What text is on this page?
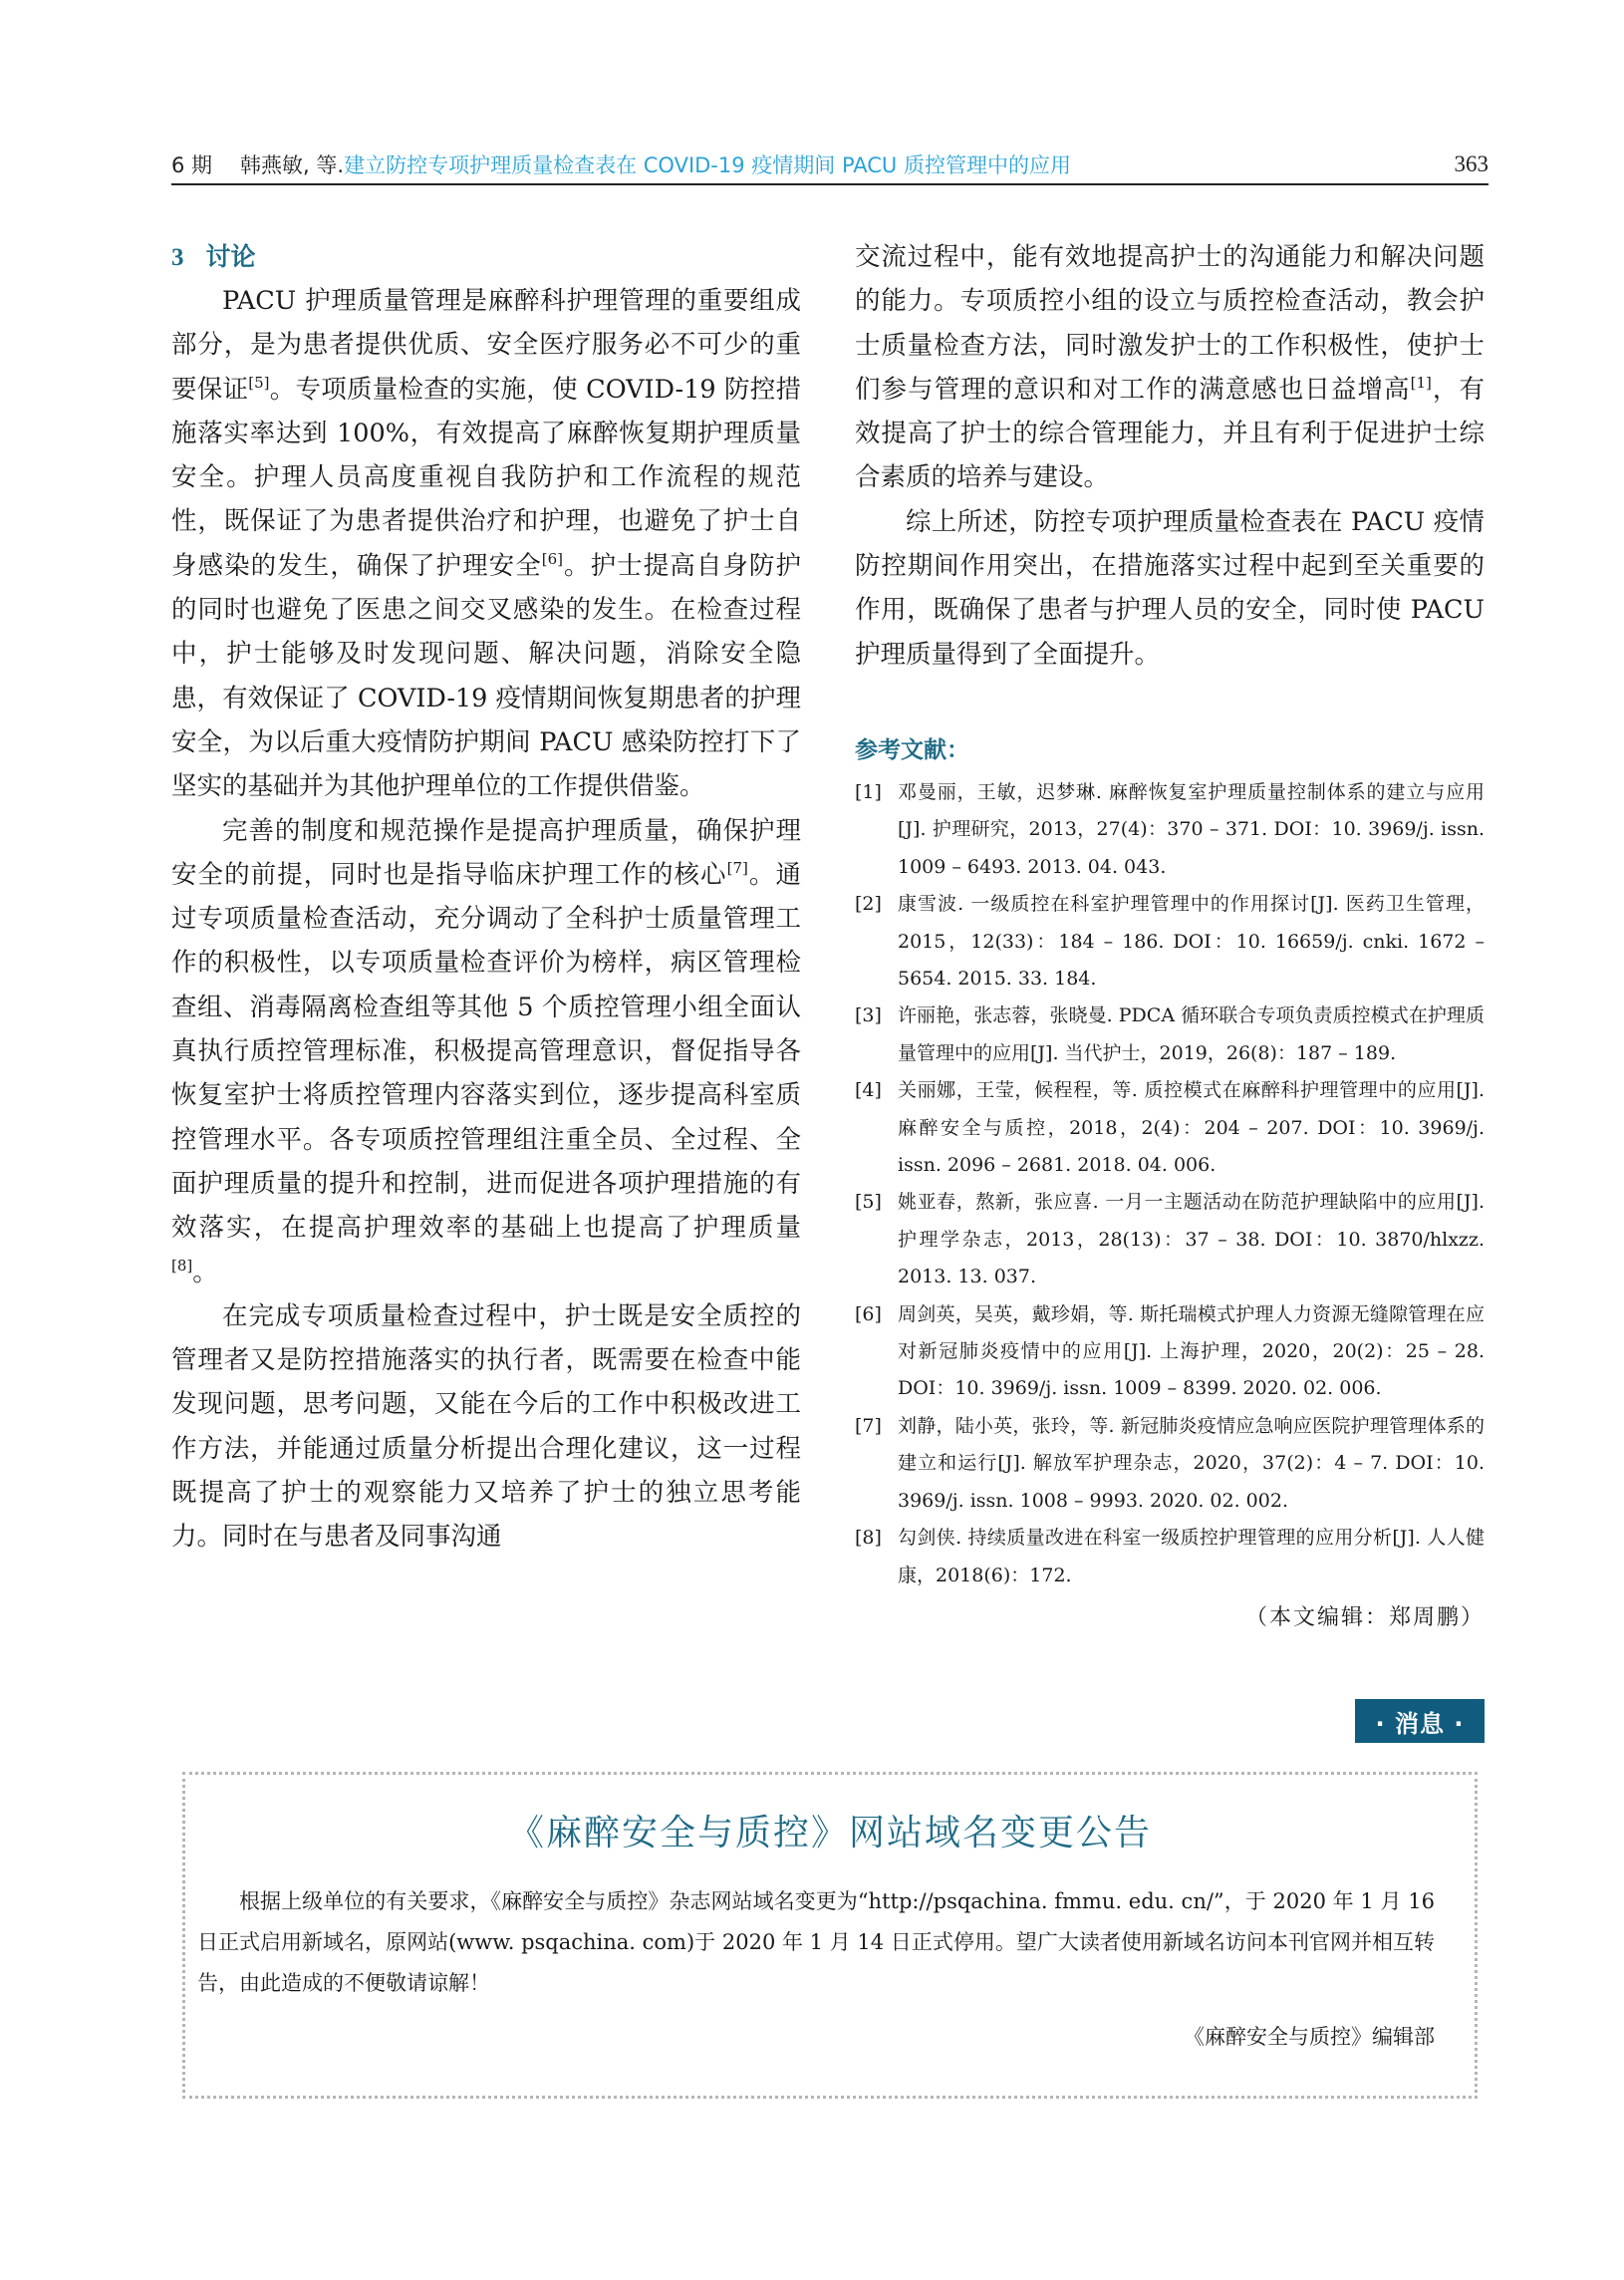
6 期 韩燕敏, 等. 建立防控专项护理质量检查表在 COVID-19 疫情期间 PACU 质控管理中的应用	363
3 讨论

PACU 护理质量管理是麻醉科护理管理的重要组成部分，是为患者提供优质、安全医疗服务必不可少的重要保证[5]。专项质量检查的实施，使 COVID-19 防控措施落实率达到 100%，有效提高了麻醉恢复期护理质量安全。护理人员高度重视自我防护和工作流程的规范性，既保证了为患者提供治疗和护理，也避免了护士自身感染的发生，确保了护理安全[6]。护士提高自身防护的同时也避免了医患之间交叉感染的发生。在检查过程中，护士能够及时发现问题、解决问题，消除安全隐患，有效保证了 COVID-19 疫情期间恢复期患者的护理安全，为以后重大疫情防护期间 PACU 感染防控打下了坚实的基础并为其他护理单位的工作提供借鉴。

完善的制度和规范操作是提高护理质量，确保护理安全的前提，同时也是指导临床护理工作的核心[7]。通过专项质量检查活动，充分调动了全科护士质量管理工作的积极性，以专项质量检查评价为榜样，病区管理检查组、消毒隔离检查组等其他 5 个质控管理小组全面认真执行质控管理标准，积极提高管理意识，督促指导各恢复室护士将质控管理内容落实到位，逐步提高科室质控管理水平。各专项质控管理组注重全员、全过程、全面护理质量的提升和控制，进而促进各项护理措施的有效落实，在提高护理效率的基础上也提高了护理质量[8]。

在完成专项质量检查过程中，护士既是安全质控的管理者又是防控措施落实的执行者，既需要在检查中能发现问题，思考问题，又能在今后的工作中积极改进工作方法，并能通过质量分析提出合理化建议，这一过程既提高了护士的观察能力又培养了护士的独立思考能力。同时在与患者及同事沟通

交流过程中，能有效地提高护士的沟通能力和解决问题的能力。专项质控小组的设立与质控检查活动，教会护士质量检查方法，同时激发护士的工作积极性，使护士们参与管理的意识和对工作的满意感也日益增高[1]，有效提高了护士的综合管理能力，并且有利于促进护士综合素质的培养与建设。

综上所述，防控专项护理质量检查表在 PACU 疫情防控期间作用突出，在措施落实过程中起到至关重要的作用，既确保了患者与护理人员的安全，同时使 PACU 护理质量得到了全面提升。

参考文献：
[1] 邓曼丽，王敏，迟梦琳. 麻醉恢复室护理质量控制体系的建立与应用[J]. 护理研究，2013，27(4)：370 – 371. DOI：10. 3969/j. issn. 1009 – 6493. 2013. 04. 043.
[2] 康雪波. 一级质控在科室护理管理中的作用探讨[J]. 医药卫生管理，2015，12(33)：184 – 186. DOI：10. 16659/j. cnki. 1672 – 5654. 2015. 33. 184.
[3] 许丽艳，张志蓉，张晓曼. PDCA 循环联合专项负责质控模式在护理质量管理中的应用[J]. 当代护士，2019，26(8)：187 – 189.
[4] 关丽娜，王莹，候程程，等. 质控模式在麻醉科护理管理中的应用[J]. 麻醉安全与质控，2018，2(4)：204 – 207. DOI：10. 3969/j. issn. 2096 – 2681. 2018. 04. 006.
[5] 姚亚春，熬新，张应喜. 一月一主题活动在防范护理缺陷中的应用[J]. 护理学杂志，2013，28(13)：37 – 38. DOI：10. 3870/hlxzz. 2013. 13. 037.
[6] 周剑英，吴英，戴珍娟，等. 斯托瑞模式护理人力资源无缝隙管理在应对新冠肺炎疫情中的应用[J]. 上海护理，2020，20(2)：25 – 28. DOI：10. 3969/j. issn. 1009 – 8399. 2020. 02. 006.
[7] 刘静，陆小英，张玲，等. 新冠肺炎疫情应急响应医院护理管理体系的建立和运行[J]. 解放军护理杂志，2020，37(2)：4 – 7. DOI：10. 3969/j. issn. 1008 – 9993. 2020. 02. 002.
[8] 勾剑侠. 持续质量改进在科室一级质控护理管理的应用分析[J]. 人人健康，2018(6)：172.
（本文编辑：郑周鹏）
· 消息 ·
《麻醉安全与质控》网站域名变更公告
根据上级单位的有关要求，《麻醉安全与质控》杂志网站域名变更为“http://psqachina. fmmu. edu. cn/”，于 2020 年 1 月 16 日正式启用新域名，原网站(www. psqachina. com)于 2020 年 1 月 14 日正式停用。望广大读者使用新域名访问本刊官网并相互转告，由此造成的不便敬请谅解！
《麻醉安全与质控》编辑部
